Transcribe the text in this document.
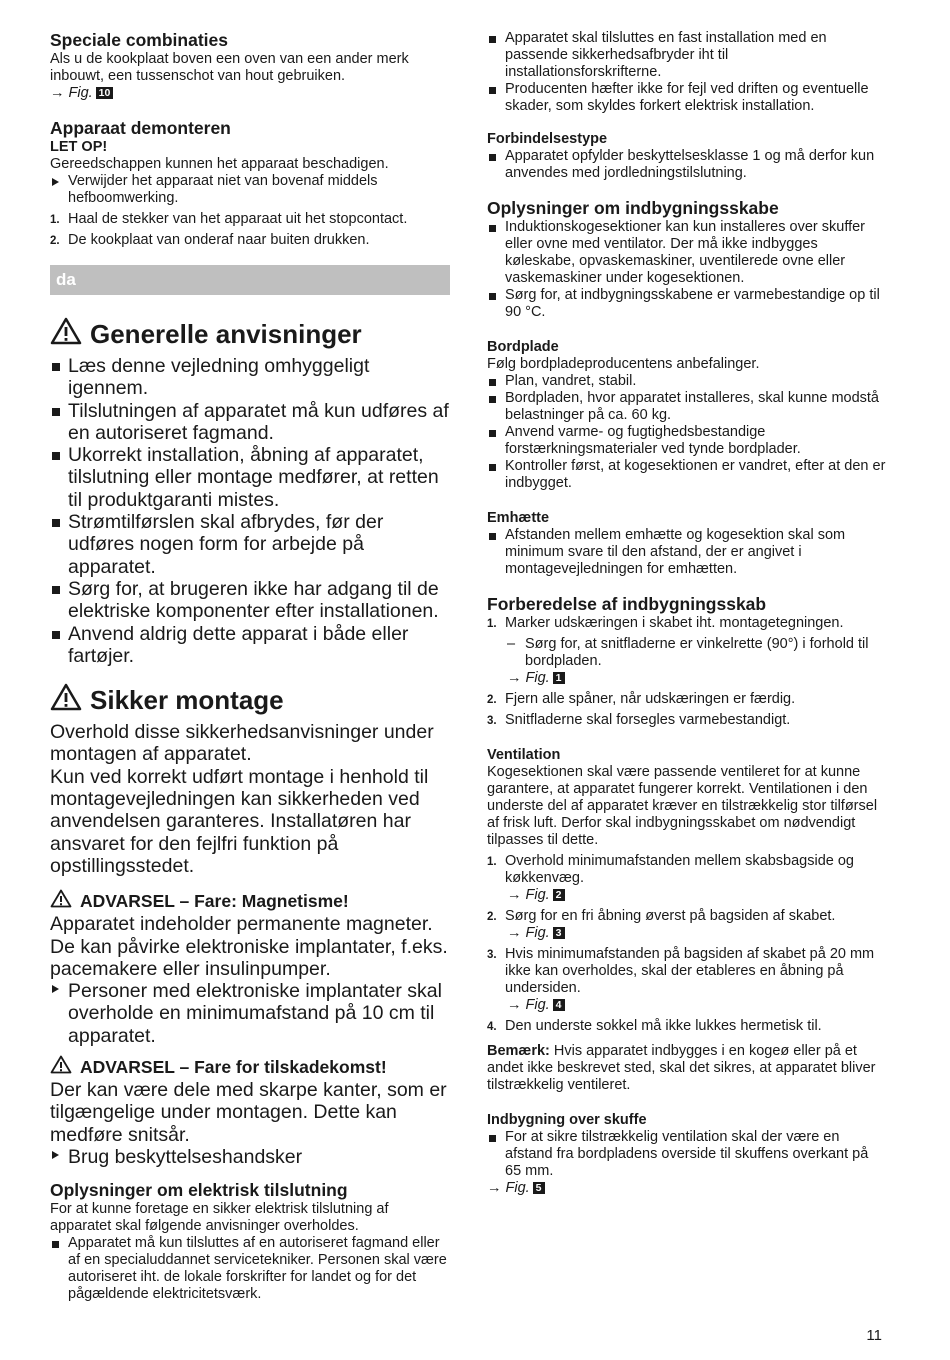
Speciale combinaties

Als u de kookplaat boven een oven van een ander merk inbouwt, een tussenschot van hout gebruiken.

→ Fig. 10

Apparaat demonteren

LET OP!

Gereedschappen kunnen het apparaat beschadigen.

Verwijder het apparaat niet van bovenaf middels hefboomwerking.

1. Haal de stekker van het apparaat uit het stopcontact.
2. De kookplaat van onderaf naar buiten drukken.
da
Generelle anvisninger
Læs denne vejledning omhyggeligt igennem.
Tilslutningen af apparatet må kun udføres af en autoriseret fagmand.
Ukorrekt installation, åbning af apparatet, tilslutning eller montage medfører, at retten til produktgaranti mistes.
Strømtilførslen skal afbrydes, før der udføres nogen form for arbejde på apparatet.
Sørg for, at brugeren ikke har adgang til de elektriske komponenter efter installationen.
Anvend aldrig dette apparat i både eller fartøjer.
Sikker montage

Overhold disse sikkerhedsanvisninger under montagen af apparatet.

Kun ved korrekt udført montage i henhold til montagevejledningen kan sikkerheden ved anvendelsen garanteres. Installatøren har ansvaret for den fejlfri funktion på opstillingsstedet.

ADVARSEL – Fare: Magnetisme!

Apparatet indeholder permanente magneter. De kan påvirke elektroniske implantater, f.eks. pacemakere eller insulinpumper.

Personer med elektroniske implantater skal overholde en minimumafstand på 10 cm til apparatet.

ADVARSEL – Fare for tilskadekomst!

Der kan være dele med skarpe kanter, som er tilgængelige under montagen. Dette kan medføre snitsår.

Brug beskyttelseshandsker

Oplysninger om elektrisk tilslutning

For at kunne foretage en sikker elektrisk tilslutning af apparatet skal følgende anvisninger overholdes.

Apparatet må kun tilsluttes af en autoriseret fagmand eller af en specialuddannet servicetekniker. Personen skal være autoriseret iht. de lokale forskrifter for landet og for det pågældende elektricitetsværk.
Apparatet skal tilsluttes en fast installation med en passende sikkerhedsafbryder iht til installationsforskrifterne.
Producenten hæfter ikke for fejl ved driften og eventuelle skader, som skyldes forkert elektrisk installation.
Forbindelsestype
Apparatet opfylder beskyttelsesklasse 1 og må derfor kun anvendes med jordledningstilslutning.
Oplysninger om indbygningsskabe
Induktionskogesektioner kan kun installeres over skuffer eller ovne med ventilator. Der må ikke indbygges køleskabe, opvaskemaskiner, uventilerede ovne eller vaskemaskiner under kogesektionen.
Sørg for, at indbygningsskabene er varmebestandige op til 90 °C.
Bordplade

Følg bordpladeproducentens anbefalinger.

Plan, vandret, stabil.
Bordpladen, hvor apparatet installeres, skal kunne modstå belastninger på ca. 60 kg.
Anvend varme- og fugtighedsbestandige forstærkningsmaterialer ved tynde bordplader.
Kontroller først, at kogesektionen er vandret, efter at den er indbygget.
Emhætte
Afstanden mellem emhætte og kogesektion skal som minimum svare til den afstand, der er angivet i montagevejledningen for emhætten.
Forberedelse af indbygningsskab
1. Marker udskæringen i skabet iht. montagetegningen.
– Sørg for, at snitfladerne er vinkelrette (90°) i forhold til bordpladen.
→ Fig. 1
2. Fjern alle spåner, når udskæringen er færdig.
3. Snitfladerne skal forsegles varmebestandigt.
Ventilation

Kogesektionen skal være passende ventileret for at kunne garantere, at apparatet fungerer korrekt. Ventilationen i den underste del af apparatet kræver en tilstrækkelig stor tilførsel af frisk luft. Derfor skal indbygningsskabet om nødvendigt tilpasses til dette.

1. Overhold minimumafstanden mellem skabsbagside og køkkenvæg.
→ Fig. 2
2. Sørg for en fri åbning øverst på bagsiden af skabet.
→ Fig. 3
3. Hvis minimumafstanden på bagsiden af skabet på 20 mm ikke kan overholdes, skal der etableres en åbning på undersiden.
→ Fig. 4
4. Den underste sokkel må ikke lukkes hermetisk til.

Bemærk: Hvis apparatet indbygges i en kogeø eller på et andet ikke beskrevet sted, skal det sikres, at apparatet bliver tilstrækkelig ventileret.

Indbygning over skuffe
For at sikre tilstrækkelig ventilation skal der være en afstand fra bordpladens overside til skuffens overkant på 65 mm.

→ Fig. 5

11
